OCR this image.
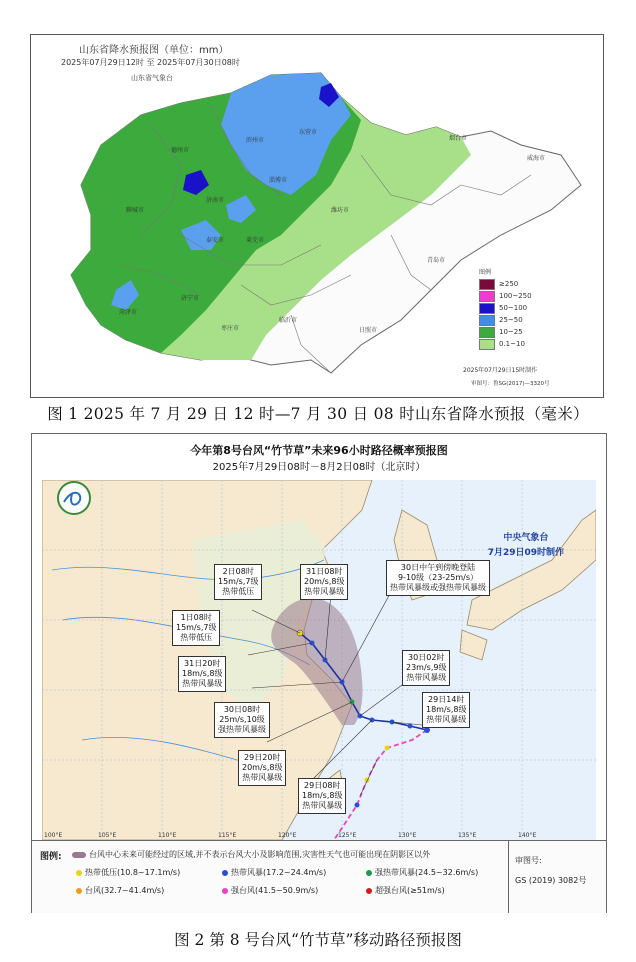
山东省降水预报图（单位：mm）
2025年07月29日12时 至 2025年07月30日08时
山东省气象台
东营市
滨州市
德州市
淄博市
济南市
聊城市
泰安市	莱芜市
潍坊市
烟台市
威海市
青岛市
日照市
临沂市
济宁市
菏泽市
枣庄市
图例
≥250
100~250
50~100
25~50
10~25
0.1~10
2025年07月29日15时制作
审图号：鲁SG(2017)—3320号
图 1 2025 年 7 月 29 日 12 时—7 月 30 日 08 时山东省降水预报（毫米）
今年第8号台风“竹节草”未来96小时路径概率预报图
2025年7月29日08时－8月2日08时（北京时）
中央气象台
7月29日09时制作
2日08时
15m/s,7级
热带低压
31日08时
20m/s,8级
热带风暴级
30日中午到傍晚登陆
9-10级（23-25m/s）
热带风暴级或强热带风暴级
1日08时
15m/s,7级
热带低压
31日20时
18m/s,8级
热带风暴级
30日02时
23m/s,9级
热带风暴级
30日08时
25m/s,10级
强热带风暴级
29日14时
18m/s,8级
热带风暴级
29日20时
20m/s,8级
热带风暴级
29日08时
18m/s,8级
热带风暴级
100°E	105°E	110°E	115°E	120°E	125°E	130°E	135°E	140°E
图例:	台风中心未来可能经过的区域,并不表示台风大小及影响范围,灾害性天气也可能出现在阴影区以外
热带低压(10.8~17.1m/s)	热带风暴(17.2~24.4m/s)	强热带风暴(24.5~32.6m/s)
台风(32.7~41.4m/s)	强台风(41.5~50.9m/s)	超强台风(≥51m/s)
审图号:
GS (2019) 3082号
图 2 第 8 号台风“竹节草”移动路径预报图
